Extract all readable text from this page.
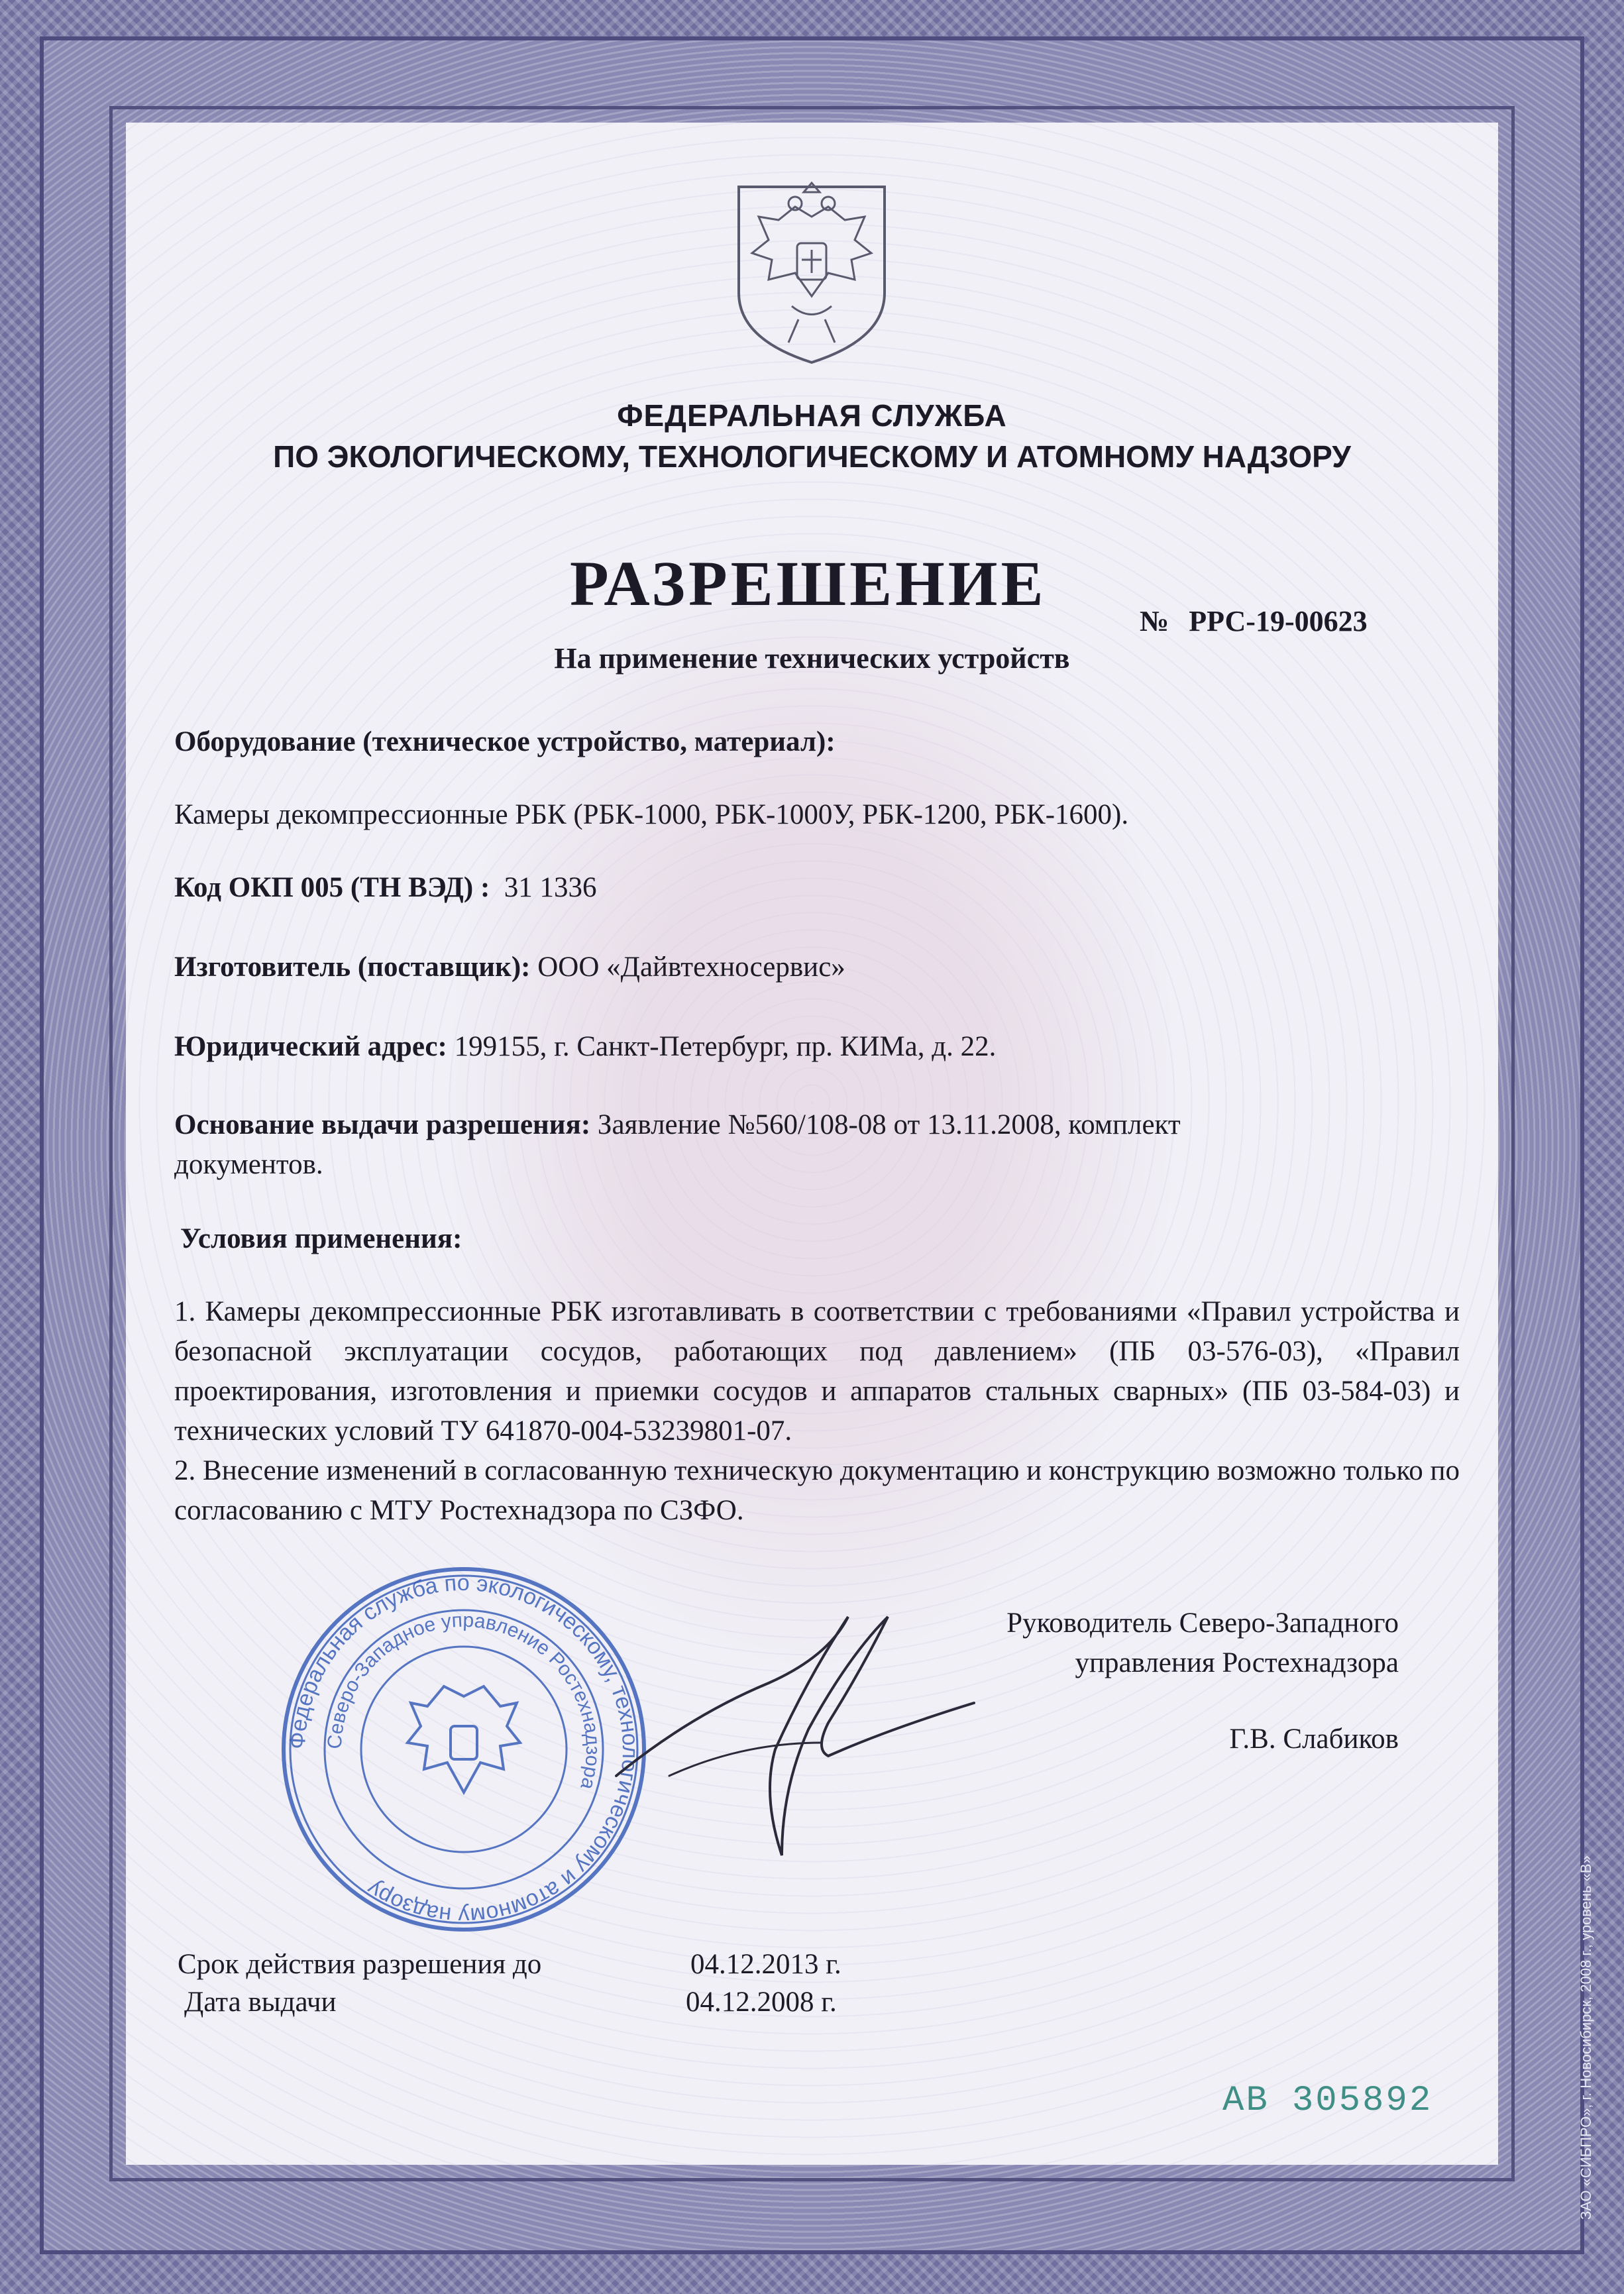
ЗАО «СИБПРО», г. Новосибирск, 2008 г., уровень «В»
ФЕДЕРАЛЬНАЯ СЛУЖБА
ПО ЭКОЛОГИЧЕСКОМУ, ТЕХНОЛОГИЧЕСКОМУ И АТОМНОМУ НАДЗОРУ
РАЗРЕШЕНИЕ
№ РРС-19-00623
На применение технических устройств
Оборудование (техническое устройство, материал):
Камеры декомпрессионные РБК (РБК-1000, РБК-1000У, РБК-1200, РБК-1600).
Код ОКП 005 (ТН ВЭД) : 31 1336
Изготовитель (поставщик): ООО «Дайвтехносервис»
Юридический адрес: 199155, г. Санкт-Петербург, пр. КИМа, д. 22.
Основание выдачи разрешения: Заявление №560/108-08 от 13.11.2008, комплект
документов.
Условия применения:
1. Камеры декомпрессионные РБК изготавливать в соответствии с требованиями «Правил устройства и безопасной эксплуатации сосудов, работающих под давлением» (ПБ 03-576-03), «Правил проектирования, изготовления и приемки сосудов и аппаратов стальных сварных» (ПБ 03-584-03) и технических условий ТУ 641870-004-53239801-07.
2. Внесение изменений в согласованную техническую документацию и конструкцию возможно только по согласованию с МТУ Ростехнадзора по СЗФО.
Федеральная служба по экологическому, технологическому и атомному надзору
Северо-Западное управление Ростехнадзора
Руководитель Северо-Западного
управления Ростехнадзора
Г.В. Слабиков
Срок действия разрешения до	04.12.2013 г.
Дата выдачи	04.12.2008 г.
АВ 305892
